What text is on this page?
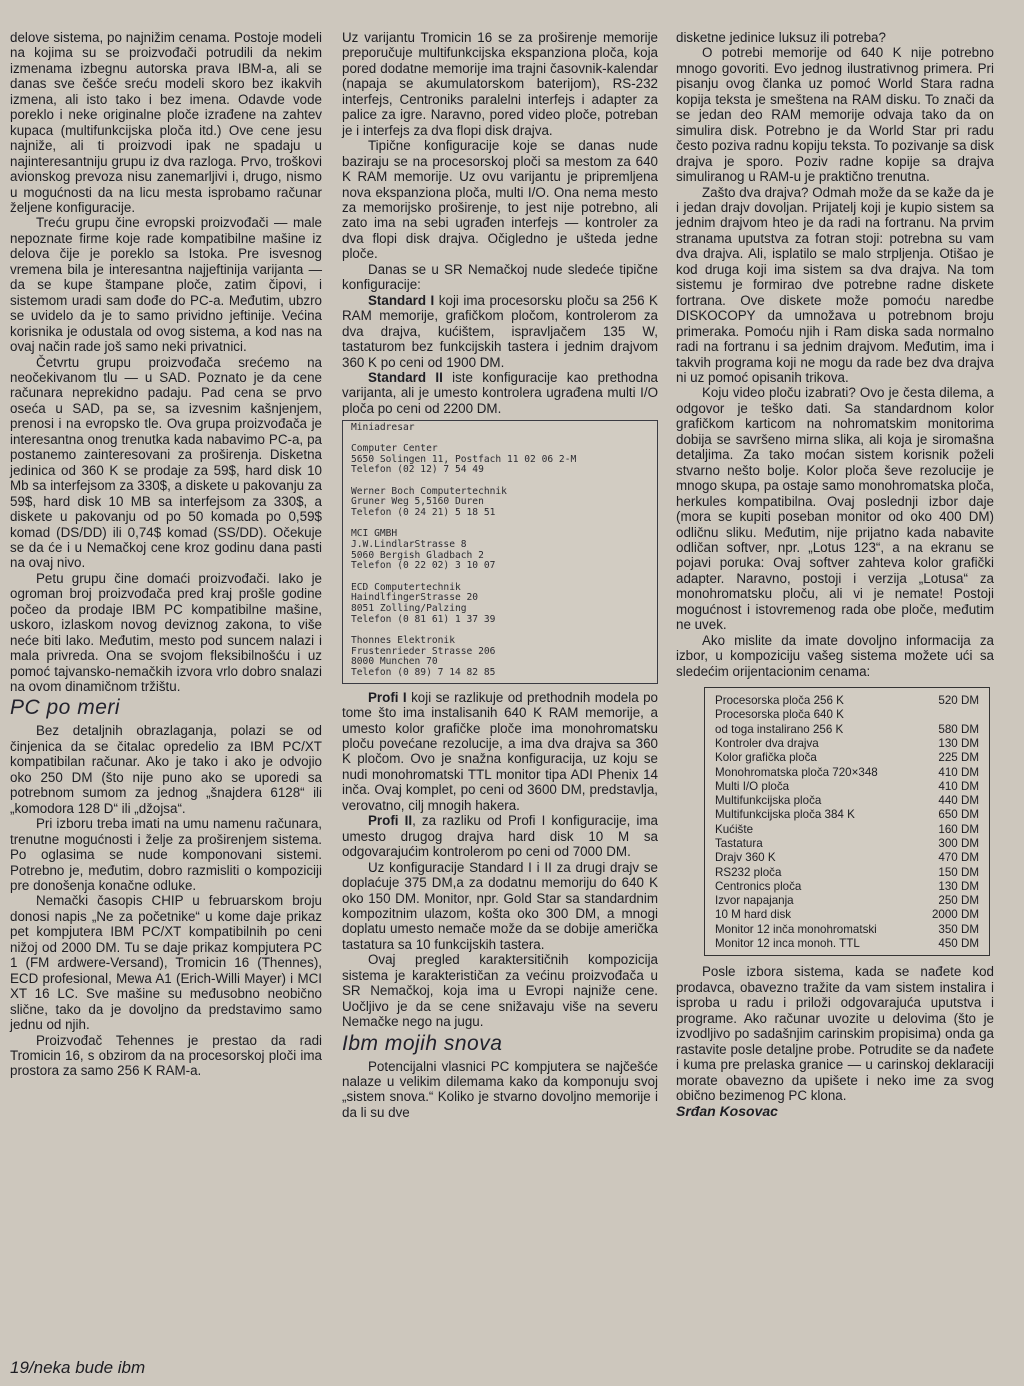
delove sistema, po najnižim cenama. Postoje modeli na kojima su se proizvođači potrudili da nekim izmenama izbegnu autorska prava IBM-a, ali se danas sve češće sreću modeli skoro bez ikakvih izmena, ali isto tako i bez imena. Odavde vode poreklo i neke originalne ploče izrađene na zahtev kupaca (multifunkcijska ploča itd.) Ove cene jesu najniže, ali ti proizvodi ipak ne spadaju u najinteresantniju grupu iz dva razloga. Prvo, troškovi avionskog prevoza nisu zanemarljivi i, drugo, nismo u mogućnosti da na licu mesta isprobamo računar željene konfiguracije.

Treću grupu čine evropski proizvođači — male nepoznate firme koje rade kompatibilne mašine iz delova čije je poreklo sa Istoka. Pre isvesnog vremena bila je interesantna najjeftinija varijanta — da se kupe štampane ploče, zatim čipovi, i sistemom uradi sam dođe do PC-a. Međutim, ubzro se uvidelo da je to samo prividno jeftinije. Većina korisnika je odustala od ovog sistema, a kod nas na ovaj način rade još samo neki privatnici.

Četvrtu grupu proizvođača srećemo na neočekivanom tlu — u SAD. Poznato je da cene računara neprekidno padaju. Pad cena se prvo oseća u SAD, pa se, sa izvesnim kašnjenjem, prenosi i na evropsko tle. Ova grupa proizvođača je interesantna onog trenutka kada nabavimo PC-a, pa postanemo zainteresovani za proširenja. Disketna jedinica od 360 K se prodaje za 59$, hard disk 10 Mb sa interfejsom za 330$, a diskete u pakovanju za 59$, hard disk 10 MB sa interfejsom za 330$, a diskete u pakovanju od po 50 komada po 0,59$ komad (DS/DD) ili 0,74$ komad (SS/DD). Očekuje se da će i u Nemačkoj cene kroz godinu dana pasti na ovaj nivo.

Petu grupu čine domaći proizvođači. Iako je ogroman broj proizvođača pred kraj prošle godine počeo da prodaje IBM PC kompatibilne mašine, uskoro, izlaskom novog deviznog zakona, to više neće biti lako. Međutim, mesto pod suncem nalazi i mala privreda. Ona se svojom fleksibilnošću i uz pomoć tajvansko-nemačkih izvora vrlo dobro snalazi na ovom dinamičnom tržištu.

PC po meri

Bez detaljnih obrazlaganja, polazi se od činjenica da se čitalac opredelio za IBM PC/XT kompatibilan računar. Ako je tako i ako je odvojio oko 250 DM (što nije puno ako se uporedi sa potrebnom sumom za jednog „šnajdera 6128“ ili „komodora 128 D“ ili „džojsa“.

Pri izboru treba imati na umu namenu računara, trenutne mogućnosti i želje za proširenjem sistema. Po oglasima se nude komponovani sistemi. Potrebno je, međutim, dobro razmisliti o kompoziciji pre donošenja konačne odluke.

Nemački časopis CHIP u februarskom broju donosi napis „Ne za početnike“ u kome daje prikaz pet kompjutera IBM PC/XT kompatibilnih po ceni nižoj od 2000 DM. Tu se daje prikaz kompjutera PC 1 (FM ardwere-Versand), Tromicin 16 (Thennes), ECD profesional, Mewa A1 (Erich-Willi Mayer) i MCI XT 16 LC. Sve mašine su međusobno neobično slične, tako da je dovoljno da predstavimo samo jednu od njih.

Proizvođač Tehennes je prestao da radi Tromicin 16, s obzirom da na procesorskoj ploči ima prostora za samo 256 K RAM-a.

19/neka bude ibm

Uz varijantu Tromicin 16 se za proširenje memorije preporučuje multifunkcijska ekspanziona ploča, koja pored dodatne memorije ima trajni časovnik-kalendar (napaja se akumulatorskom baterijom), RS-232 interfejs, Centroniks paralelni interfejs i adapter za palice za igre. Naravno, pored video ploče, potreban je i interfejs za dva flopi disk drajva.

Tipične konfiguracije koje se danas nude baziraju se na procesorskoj ploči sa mestom za 640 K RAM memorije. Uz ovu varijantu je pripremljena nova ekspanziona ploča, multi I/O. Ona nema mesto za memorijsko proširenje, to jest nije potrebno, ali zato ima na sebi ugrađen interfejs — kontroler za dva flopi disk drajva. Očigledno je ušteda jedne ploče.

Danas se u SR Nemačkoj nude sledeće tipične konfiguracije:

Standard I koji ima procesorsku ploču sa 256 K RAM memorije, grafičkom pločom, kontrolerom za dva drajva, kućištem, ispravljačem 135 W, tastaturom bez funkcijskih tastera i jednim drajvom 360 K po ceni od 1900 DM.

Standard II iste konfiguracije kao prethodna varijanta, ali je umesto kontrolera ugrađena multi I/O ploča po ceni od 2200 DM.

Miniadresar
Computer Center
5650 Solingen 11, Postfach 11 02 06 2-M
Telefon (02 12) 7 54 49
Werner Boch Computertechnik
Gruner Weg 5,5160 Duren
Telefon (0 24 21) 5 18 51
MCI GMBH
J.W.LindlarStrasse 8
5060 Bergish Gladbach 2
Telefon (0 22 02) 3 10 07
ECD Computertechnik
HaindlfingerStrasse 20
8051 Zolling/Palzing
Telefon (0 81 61) 1 37 39
Thonnes Elektronik
Frustenrieder Strasse 206
8000 Munchen 70
Telefon (0 89) 7 14 82 85

Profi I koji se razlikuje od prethodnih modela po tome što ima instalisanih 640 K RAM memorije, a umesto kolor grafičke ploče ima monohromatsku ploču povećane rezolucije, a ima dva drajva sa 360 K pločom. Ovo je snažna konfiguracija, uz koju se nudi monohromatski TTL monitor tipa ADI Phenix 14 inča. Ovaj komplet, po ceni od 3600 DM, predstavlja, verovatno, cilj mnogih hakera.

Profi II, za razliku od Profi I konfiguracije, ima umesto drugog drajva hard disk 10 M sa odgovarajućim kontrolerom po ceni od 7000 DM.

Uz konfiguracije Standard I i II za drugi drajv se doplaćuje 375 DM,a za dodatnu memoriju do 640 K oko 150 DM. Monitor, npr. Gold Star sa standardnim kompozitnim ulazom, košta oko 300 DM, a mnogi doplatu umesto nemače može da se dobije američka tastatura sa 10 funkcijskih tastera.

Ovaj pregled karaktersitičnih kompozicija sistema je karakterističan za većinu proizvođača u SR Nemačkoj, koja ima u Evropi najniže cene. Uočljivo je da se cene snižavaju više na severu Nemačke nego na jugu.

Ibm mojih snova

Potencijalni vlasnici PC kompjutera se najčešće nalaze u velikim dilemama kako da komponuju svoj „sistem snova.“ Koliko je stvarno dovoljno memorije i da li su dve

disketne jedinice luksuz ili potreba?

O potrebi memorije od 640 K nije potrebno mnogo govoriti. Evo jednog ilustrativnog primera. Pri pisanju ovog članka uz pomoć World Stara radna kopija teksta je smeštena na RAM disku. To znači da se jedan deo RAM memorije odvaja tako da on simulira disk. Potrebno je da World Star pri radu često poziva radnu kopiju teksta. To pozivanje sa disk drajva je sporo. Poziv radne kopije sa drajva simuliranog u RAM-u je praktično trenutna.

Zašto dva drajva? Odmah može da se kaže da je i jedan drajv dovoljan. Prijatelj koji je kupio sistem sa jednim drajvom hteo je da radi na fortranu. Na prvim stranama uputstva za fotran stoji: potrebna su vam dva drajva. Ali, isplatilo se malo strpljenja. Otišao je kod druga koji ima sistem sa dva drajva. Na tom sistemu je formirao dve potrebne radne diskete fortrana. Ove diskete može pomoću naredbe DISKOCOPY da umnožava u potrebnom broju primeraka. Pomoću njih i Ram diska sada normalno radi na fortranu i sa jednim drajvom. Međutim, ima i takvih programa koji ne mogu da rade bez dva drajva ni uz pomoć opisanih trikova.

Koju video ploču izabrati? Ovo je česta dilema, a odgovor je teško dati. Sa standardnom kolor grafičkom karticom na nohromatskim monitorima dobija se savršeno mirna slika, ali koja je siromašna detaljima. Za tako moćan sistem korisnik poželi stvarno nešto bolje. Kolor ploča ševe rezolucije je mnogo skupa, pa ostaje samo monohromatska ploča, herkules kompatibilna. Ovaj poslednji izbor daje (mora se kupiti poseban monitor od oko 400 DM) odličnu sliku. Međutim, nije prijatno kada nabavite odličan softver, npr. „Lotus 123“, a na ekranu se pojavi poruka: Ovaj softver zahteva kolor grafički adapter. Naravno, postoji i verzija „Lotusa“ za monohromatsku ploču, ali vi je nemate! Postoji mogućnost i istovremenog rada obe ploče, međutim ne uvek.

Ako mislite da imate dovoljno informacija za izbor, u kompoziciju vašeg sistema možete ući sa sledećim orijentacionim cenama:

Procesorska ploča 256 K	520 DM
Procesorska ploča 640 K
od toga instalirano 256 K	580 DM
Kontroler dva drajva	130 DM
Kolor grafička ploča	225 DM
Monohromatska ploča 720×348	410 DM
Multi I/O ploča	410 DM
Multifunkcijska ploča	440 DM
Multifunkcijska ploča 384 K	650 DM
Kućište	160 DM
Tastatura	300 DM
Drajv 360 K	470 DM
RS232 ploča	150 DM
Centronics ploča	130 DM
Izvor napajanja	250 DM
10 M hard disk	2000 DM
Monitor 12 inča monohromatski	350 DM
Monitor 12 inca monoh. TTL	450 DM

Posle izbora sistema, kada se nađete kod prodavca, obavezno tražite da vam sistem instalira i isproba u radu i priloži odgovarajuća uputstva i programe. Ako računar uvozite u delovima (što je izvodljivo po sadašnjim carinskim propisima) onda ga rastavite posle detaljne probe. Potrudite se da nađete i kuma pre prelaska granice — u carinskoj deklaraciji morate obavezno da upišete i neko ime za svog obično bezimenog PC klona.

Srđan Kosovac
